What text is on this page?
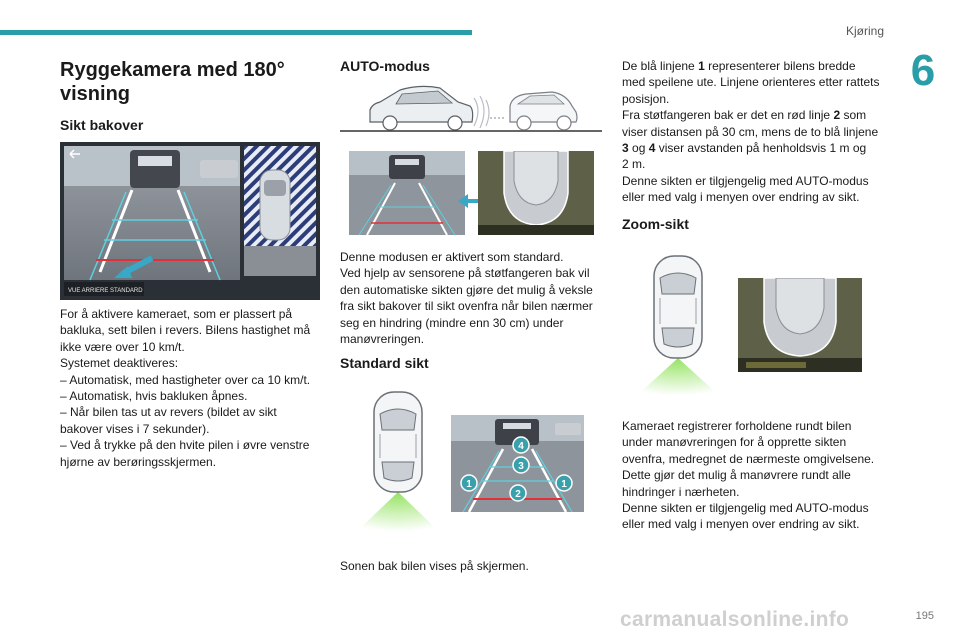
Kjøring
6
Ryggekamera med 180°
visning
Sikt bakover
VUE ARRIERE STANDARD
For å aktivere kameraet, som er plassert på
bakluka, sett bilen i revers. Bilens hastighet må
ikke være over 10 km/t.
Systemet deaktiveres:
– Automatisk, med hastigheter over ca 10 km/t.
– Automatisk, hvis bakluken åpnes.
– Når bilen tas ut av revers (bildet av sikt
bakover vises i 7 sekunder).
– Ved å trykke på den hvite pilen i øvre venstre
hjørne av berøringsskjermen.
AUTO-modus
Denne modusen er aktivert som standard.
Ved hjelp av sensorene på støtfangeren bak vil
den automatiske sikten gjøre det mulig å veksle
fra sikt bakover til sikt ovenfra når bilen nærmer
seg en hindring (mindre enn 30 cm) under
manøvreringen.
Standard sikt
4
3
1
2
1
Sonen bak bilen vises på skjermen.
De blå linjene 1 representerer bilens bredde
med speilene ute. Linjene orienteres etter rattets
posisjon.
Fra støtfangeren bak er det en rød linje 2 som
viser distansen på 30 cm, mens de to blå linjene
3 og 4 viser avstanden på henholdsvis 1 m og
2 m.
Denne sikten er tilgjengelig med AUTO-modus
eller med valg i menyen over endring av sikt.
Zoom-sikt
Kameraet registrerer forholdene rundt bilen
under manøvreringen for å opprette sikten
ovenfra, medregnet de nærmeste omgivelsene.
Dette gjør det mulig å manøvrere rundt alle
hindringer i nærheten.
Denne sikten er tilgjengelig med AUTO-modus
eller med valg i menyen over endring av sikt.
carmanualsonline.info	195
